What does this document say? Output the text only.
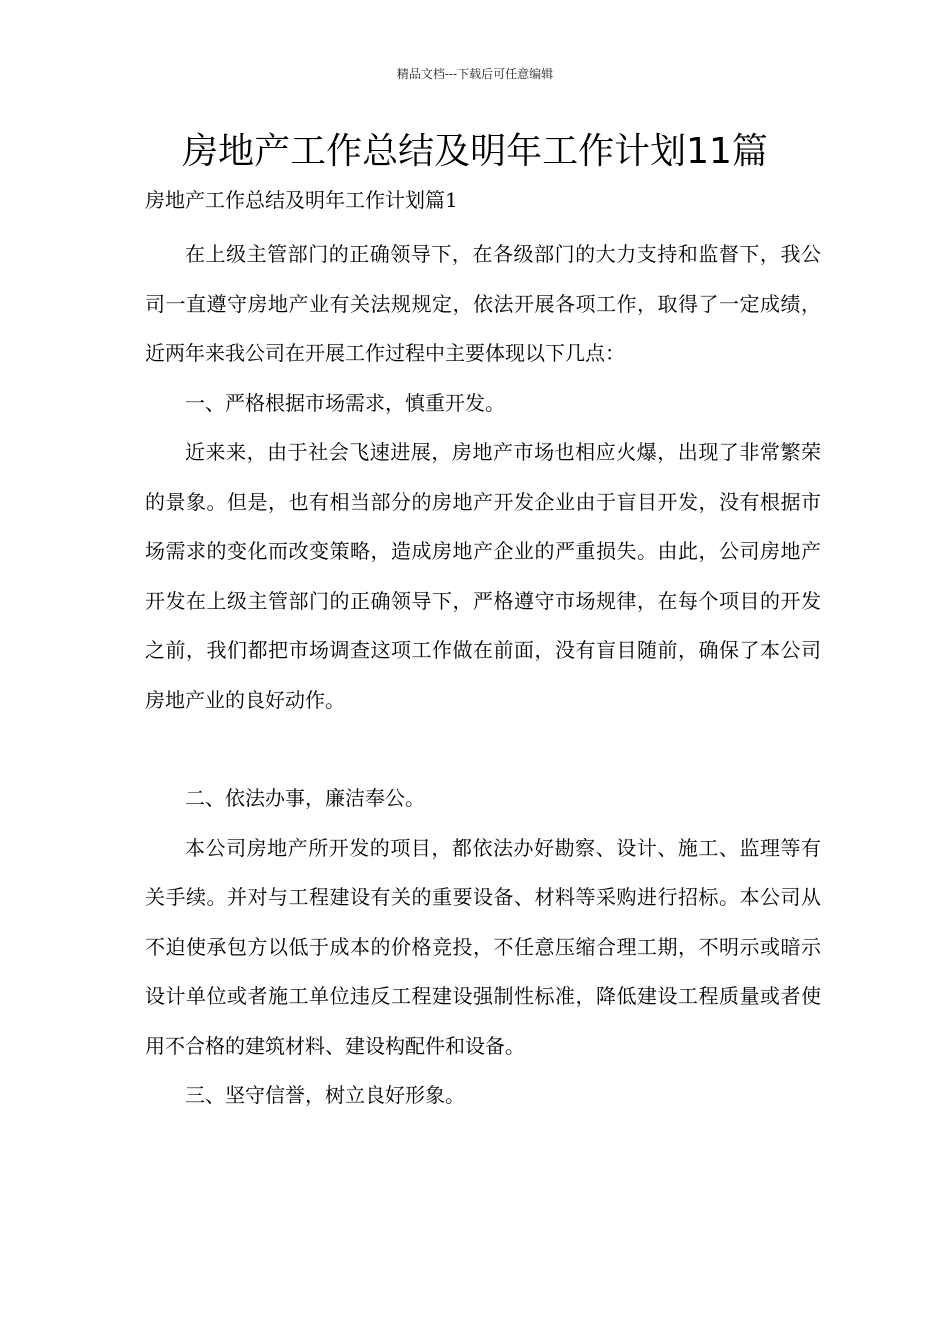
精品文档---下载后可任意编辑
房地产工作总结及明年工作计划11篇

房地产工作总结及明年工作计划篇1

在上级主管部门的正确领导下，在各级部门的大力支持和监督下，我公司一直遵守房地产业有关法规规定，依法开展各项工作，取得了一定成绩，近两年来我公司在开展工作过程中主要体现以下几点：

一、严格根据市场需求，慎重开发。

近来来，由于社会飞速进展，房地产市场也相应火爆，出现了非常繁荣的景象。但是，也有相当部分的房地产开发企业由于盲目开发，没有根据市场需求的变化而改变策略，造成房地产企业的严重损失。由此，公司房地产开发在上级主管部门的正确领导下，严格遵守市场规律，在每个项目的开发之前，我们都把市场调查这项工作做在前面，没有盲目随前，确保了本公司房地产业的良好动作。

二、依法办事，廉洁奉公。

本公司房地产所开发的项目，都依法办好勘察、设计、施工、监理等有关手续。并对与工程建设有关的重要设备、材料等采购进行招标。本公司从不迫使承包方以低于成本的价格竞投，不任意压缩合理工期，不明示或暗示设计单位或者施工单位违反工程建设强制性标准，降低建设工程质量或者使用不合格的建筑材料、建设构配件和设备。

三、坚守信誉，树立良好形象。
